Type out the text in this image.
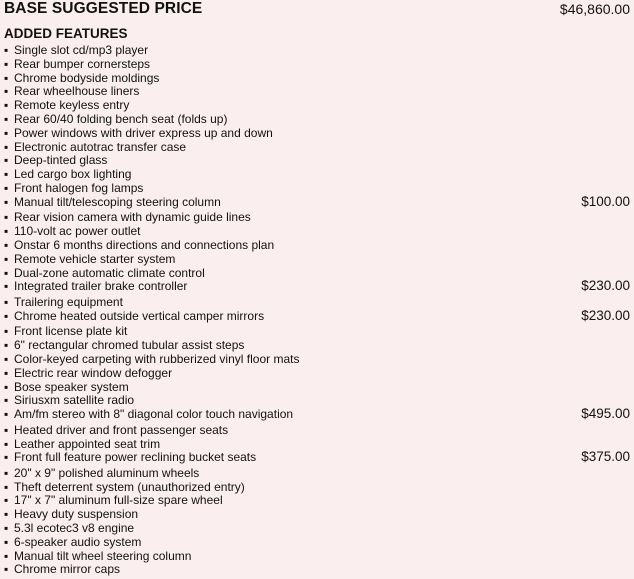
BASE SUGGESTED PRICE	$46,860.00
ADDED FEATURES
▪ Single slot cd/mp3 player
▪ Rear bumper cornersteps
▪ Chrome bodyside moldings
▪ Rear wheelhouse liners
▪ Remote keyless entry
▪ Rear 60/40 folding bench seat (folds up)
▪ Power windows with driver express up and down
▪ Electronic autotrac transfer case
▪ Deep-tinted glass
▪ Led cargo box lighting
▪ Front halogen fog lamps
▪ Manual tilt/telescoping steering column	$100.00
▪ Rear vision camera with dynamic guide lines
▪ 110-volt ac power outlet
▪ Onstar 6 months directions and connections plan
▪ Remote vehicle starter system
▪ Dual-zone automatic climate control
▪ Integrated trailer brake controller	$230.00
▪ Trailering equipment
▪ Chrome heated outside vertical camper mirrors	$230.00
▪ Front license plate kit
▪ 6" rectangular chromed tubular assist steps
▪ Color-keyed carpeting with rubberized vinyl floor mats
▪ Electric rear window defogger
▪ Bose speaker system
▪ Siriusxm satellite radio
▪ Am/fm stereo with 8" diagonal color touch navigation	$495.00
▪ Heated driver and front passenger seats
▪ Leather appointed seat trim
▪ Front full feature power reclining bucket seats	$375.00
▪ 20" x 9" polished aluminum wheels
▪ Theft deterrent system (unauthorized entry)
▪ 17" x 7" aluminum full-size spare wheel
▪ Heavy duty suspension
▪ 5.3l ecotec3 v8 engine
▪ 6-speaker audio system
▪ Manual tilt wheel steering column
▪ Chrome mirror caps
